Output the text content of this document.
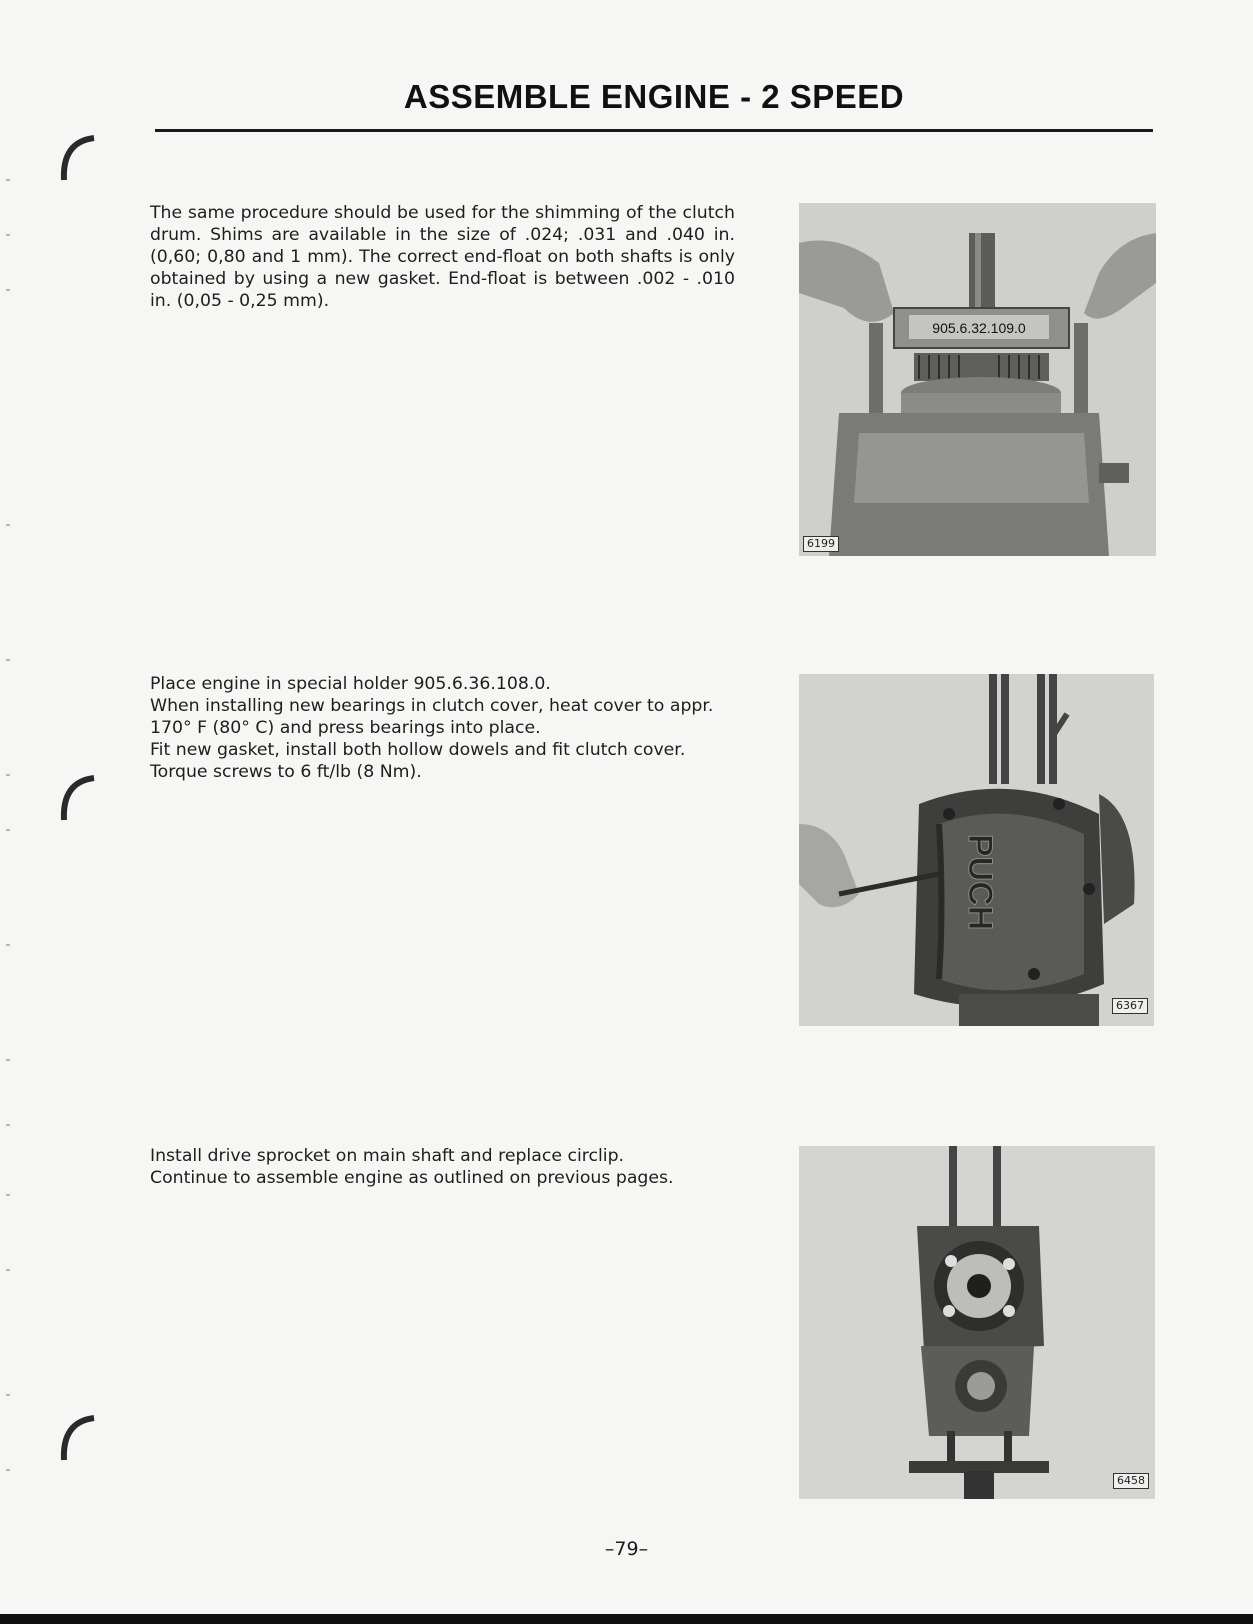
ASSEMBLE ENGINE - 2 SPEED

The same procedure should be used for the shimming of the clutch drum. Shims are available in the size of .024; .031 and .040 in. (0,60; 0,80 and 1 mm). The correct end-float on both shafts is only obtained by using a new gasket. End-float is between .002 - .010 in. (0,05 - 0,25 mm).

905.6.32.109.0
6199

Place engine in special holder 905.6.36.108.0.

When installing new bearings in clutch cover, heat cover to appr. 170° F (80° C) and press bearings into place.

Fit new gasket, install both hollow dowels and fit clutch cover.

Torque screws to 6 ft/lb (8 Nm).

PUCH
6367

Install drive sprocket on main shaft and replace circlip.

Continue to assemble engine as outlined on previous pages.

6458
–79–
